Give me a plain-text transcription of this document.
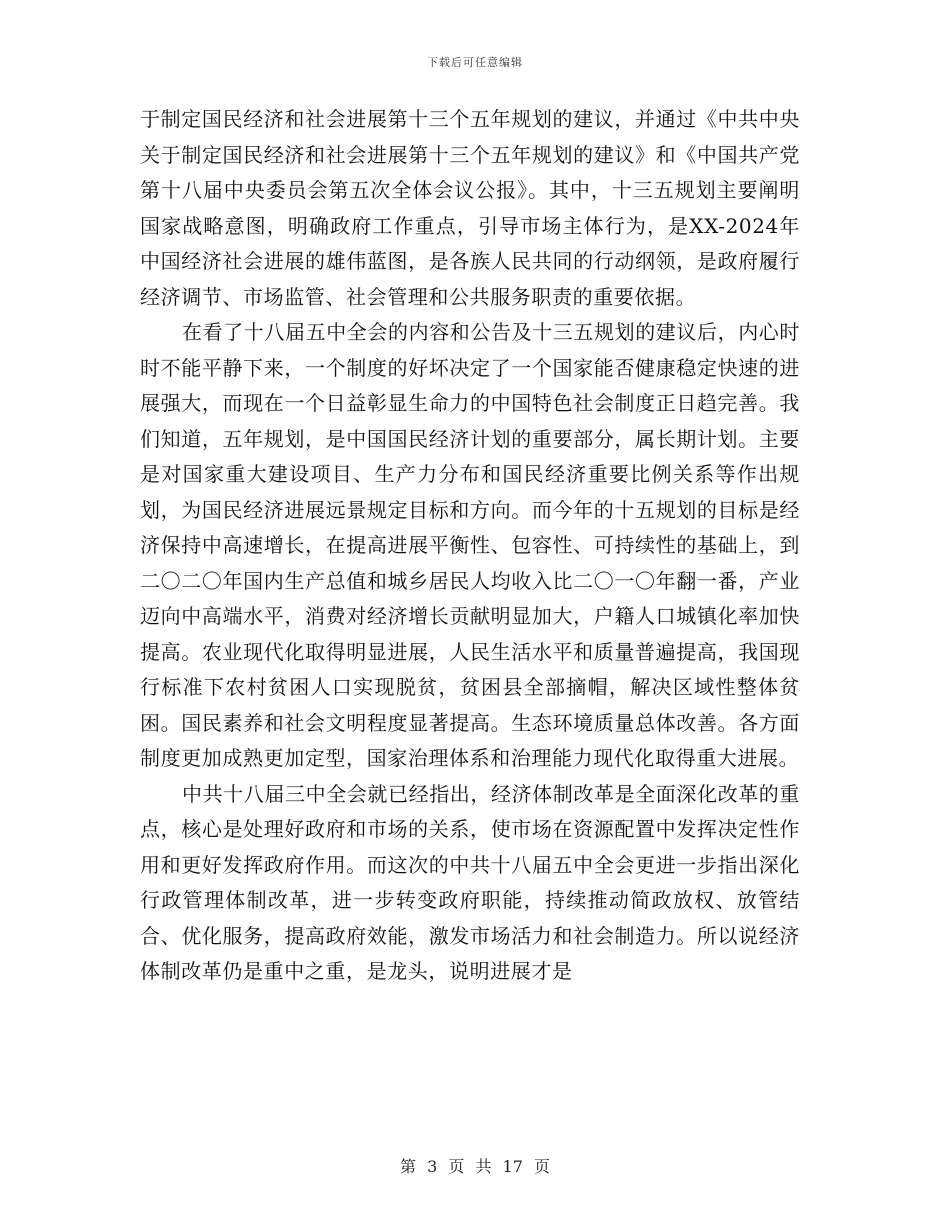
下载后可任意编辑

于制定国民经济和社会进展第十三个五年规划的建议，并通过《中共中央关于制定国民经济和社会进展第十三个五年规划的建议》和《中国共产党第十八届中央委员会第五次全体会议公报》。其中，十三五规划主要阐明国家战略意图，明确政府工作重点，引导市场主体行为，是XX-2024年中国经济社会进展的雄伟蓝图，是各族人民共同的行动纲领，是政府履行经济调节、市场监管、社会管理和公共服务职责的重要依据。

在看了十八届五中全会的内容和公告及十三五规划的建议后，内心时时不能平静下来，一个制度的好坏决定了一个国家能否健康稳定快速的进展强大，而现在一个日益彰显生命力的中国特色社会制度正日趋完善。我们知道，五年规划，是中国国民经济计划的重要部分，属长期计划。主要是对国家重大建设项目、生产力分布和国民经济重要比例关系等作出规划，为国民经济进展远景规定目标和方向。而今年的十五规划的目标是经济保持中高速增长，在提高进展平衡性、包容性、可持续性的基础上，到二〇二〇年国内生产总值和城乡居民人均收入比二〇一〇年翻一番，产业迈向中高端水平，消费对经济增长贡献明显加大，户籍人口城镇化率加快提高。农业现代化取得明显进展，人民生活水平和质量普遍提高，我国现行标准下农村贫困人口实现脱贫，贫困县全部摘帽，解决区域性整体贫困。国民素养和社会文明程度显著提高。生态环境质量总体改善。各方面制度更加成熟更加定型，国家治理体系和治理能力现代化取得重大进展。

中共十八届三中全会就已经指出，经济体制改革是全面深化改革的重点，核心是处理好政府和市场的关系，使市场在资源配置中发挥决定性作用和更好发挥政府作用。而这次的中共十八届五中全会更进一步指出深化行政管理体制改革，进一步转变政府职能，持续推动简政放权、放管结合、优化服务，提高政府效能，激发市场活力和社会制造力。所以说经济体制改革仍是重中之重，是龙头，说明进展才是

第 3 页 共 17 页
